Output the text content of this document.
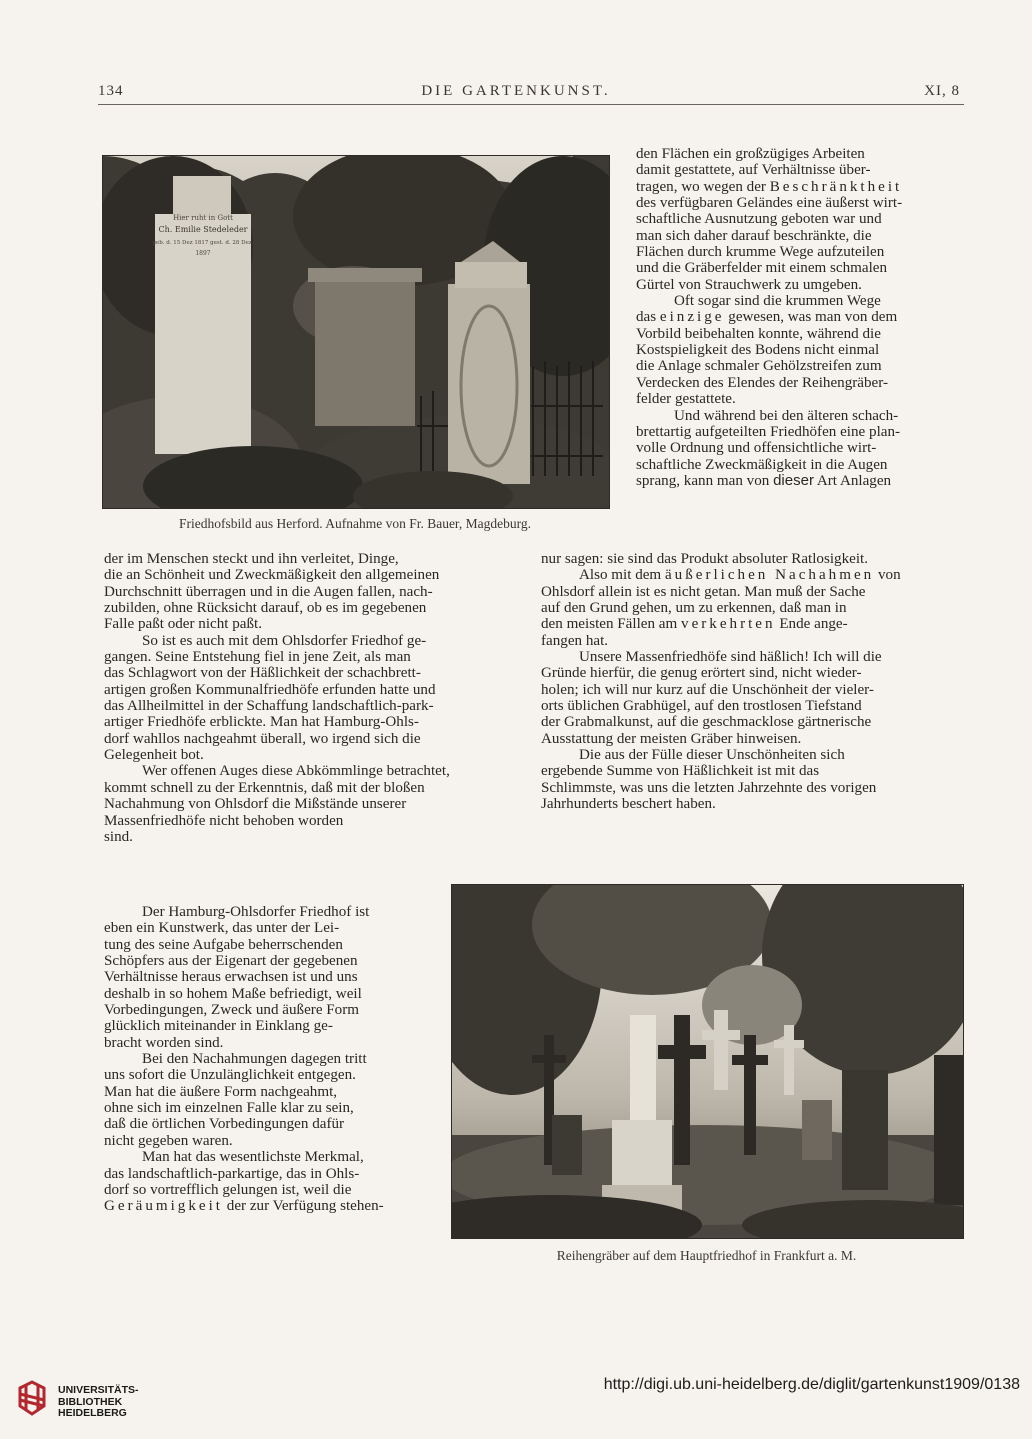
134	DIE GARTENKUNST.	XI, 8
Hier ruht in Gott
Ch. Emilie Stedeleder
geb. d. 15 Dez 1817 gest. d. 28 Dez.
1897
Friedhofsbild aus Herford. Aufnahme von Fr. Bauer, Magdeburg.

den Flächen ein großzügiges Arbeiten

damit gestattete, auf Verhältnisse über-

tragen, wo wegen der Beschränktheit

des verfügbaren Geländes eine äußerst wirt-

schaftliche Ausnutzung geboten war und

man sich daher darauf beschränkte, die

Flächen durch krumme Wege aufzuteilen

und die Gräberfelder mit einem schmalen

Gürtel von Strauchwerk zu umgeben.

Oft sogar sind die krummen Wege

das einzige gewesen, was man von dem

Vorbild beibehalten konnte, während die

Kostspieligkeit des Bodens nicht einmal

die Anlage schmaler Gehölzstreifen zum

Verdecken des Elendes der Reihengräber-

felder gestattete.

Und während bei den älteren schach-

brettartig aufgeteilten Friedhöfen eine plan-

volle Ordnung und offensichtliche wirt-

schaftliche Zweckmäßigkeit in die Augen

sprang, kann man von dieser Art Anlagen

der im Menschen steckt und ihn verleitet, Dinge,

die an Schönheit und Zweckmäßigkeit den allgemeinen

Durchschnitt überragen und in die Augen fallen, nach-

zubilden, ohne Rücksicht darauf, ob es im gegebenen

Falle paßt oder nicht paßt.

So ist es auch mit dem Ohlsdorfer Friedhof ge-

gangen. Seine Entstehung fiel in jene Zeit, als man

das Schlagwort von der Häßlichkeit der schachbrett-

artigen großen Kommunalfriedhöfe erfunden hatte und

das Allheilmittel in der Schaffung landschaftlich-park-

artiger Friedhöfe erblickte. Man hat Hamburg-Ohls-

dorf wahllos nachgeahmt überall, wo irgend sich die

Gelegenheit bot.

Wer offenen Auges diese Abkömmlinge betrachtet,

kommt schnell zu der Erkenntnis, daß mit der bloßen

Nachahmung von Ohlsdorf die Mißstände unserer

Massenfriedhöfe nicht behoben worden

sind.

Der Hamburg-Ohlsdorfer Friedhof ist

eben ein Kunstwerk, das unter der Lei-

tung des seine Aufgabe beherrschenden

Schöpfers aus der Eigenart der gegebenen

Verhältnisse heraus erwachsen ist und uns

deshalb in so hohem Maße befriedigt, weil

Vorbedingungen, Zweck und äußere Form

glücklich miteinander in Einklang ge-

bracht worden sind.

Bei den Nachahmungen dagegen tritt

uns sofort die Unzulänglichkeit entgegen.

Man hat die äußere Form nachgeahmt,

ohne sich im einzelnen Falle klar zu sein,

daß die örtlichen Vorbedingungen dafür

nicht gegeben waren.

Man hat das wesentlichste Merkmal,

das landschaftlich-parkartige, das in Ohls-

dorf so vortrefflich gelungen ist, weil die

Geräumigkeit der zur Verfügung stehen-

nur sagen: sie sind das Produkt absoluter Ratlosigkeit.

Also mit dem äußerlichen Nachahmen von

Ohlsdorf allein ist es nicht getan. Man muß der Sache

auf den Grund gehen, um zu erkennen, daß man in

den meisten Fällen am verkehrten Ende ange-

fangen hat.

Unsere Massenfriedhöfe sind häßlich! Ich will die

Gründe hierfür, die genug erörtert sind, nicht wieder-

holen; ich will nur kurz auf die Unschönheit der vieler-

orts üblichen Grabhügel, auf den trostlosen Tiefstand

der Grabmalkunst, auf die geschmacklose gärtnerische

Ausstattung der meisten Gräber hinweisen.

Die aus der Fülle dieser Unschönheiten sich

ergebende Summe von Häßlichkeit ist mit das

Schlimmste, was uns die letzten Jahrzehnte des vorigen

Jahrhunderts beschert haben.

Reihengräber auf dem Hauptfriedhof in Frankfurt a. M.
UNIVERSITÄTS-
BIBLIOTHEK
HEIDELBERG
http://digi.ub.uni-heidelberg.de/diglit/gartenkunst1909/0138
